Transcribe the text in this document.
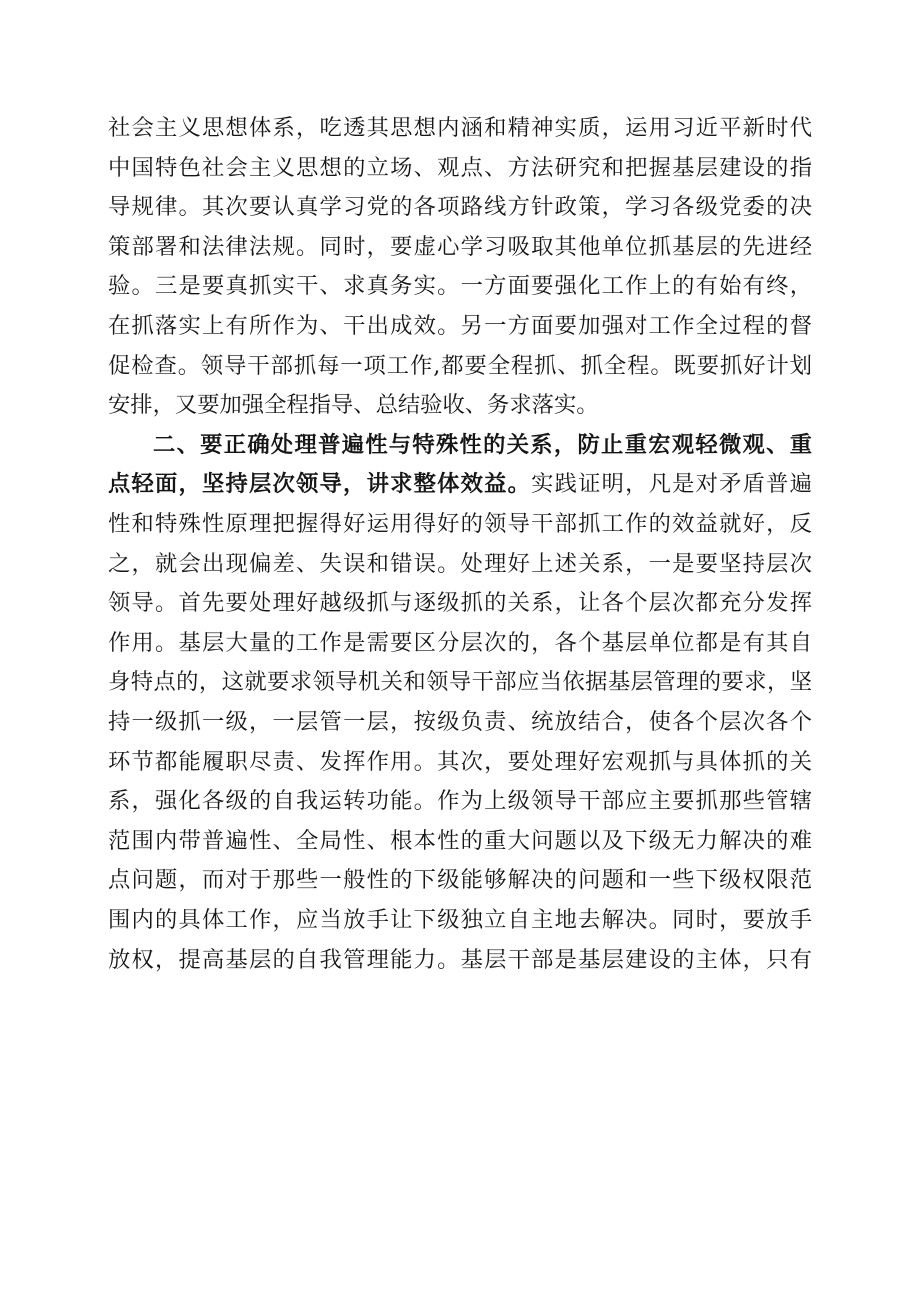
社会主义思想体系，吃透其思想内涵和精神实质，运用习近平新时代
中国特色社会主义思想的立场、观点、方法研究和把握基层建设的指
导规律。其次要认真学习党的各项路线方针政策，学习各级党委的决
策部署和法律法规。同时，要虚心学习吸取其他单位抓基层的先进经
验。三是要真抓实干、求真务实。一方面要强化工作上的有始有终，
在抓落实上有所作为、干出成效。另一方面要加强对工作全过程的督
促检查。领导干部抓每一项工作,都要全程抓、抓全程。既要抓好计划
安排，又要加强全程指导、总结验收、务求落实。
二、要正确处理普遍性与特殊性的关系，防止重宏观轻微观、重
点轻面，坚持层次领导，讲求整体效益。实践证明，凡是对矛盾普遍
性和特殊性原理把握得好运用得好的领导干部抓工作的效益就好，反
之，就会出现偏差、失误和错误。处理好上述关系，一是要坚持层次
领导。首先要处理好越级抓与逐级抓的关系，让各个层次都充分发挥
作用。基层大量的工作是需要区分层次的，各个基层单位都是有其自
身特点的，这就要求领导机关和领导干部应当依据基层管理的要求，坚
持一级抓一级，一层管一层，按级负责、统放结合，使各个层次各个
环节都能履职尽责、发挥作用。其次，要处理好宏观抓与具体抓的关
系，强化各级的自我运转功能。作为上级领导干部应主要抓那些管辖
范围内带普遍性、全局性、根本性的重大问题以及下级无力解决的难
点问题，而对于那些一般性的下级能够解决的问题和一些下级权限范
围内的具体工作，应当放手让下级独立自主地去解决。同时，要放手
放权，提高基层的自我管理能力。基层干部是基层建设的主体，只有
